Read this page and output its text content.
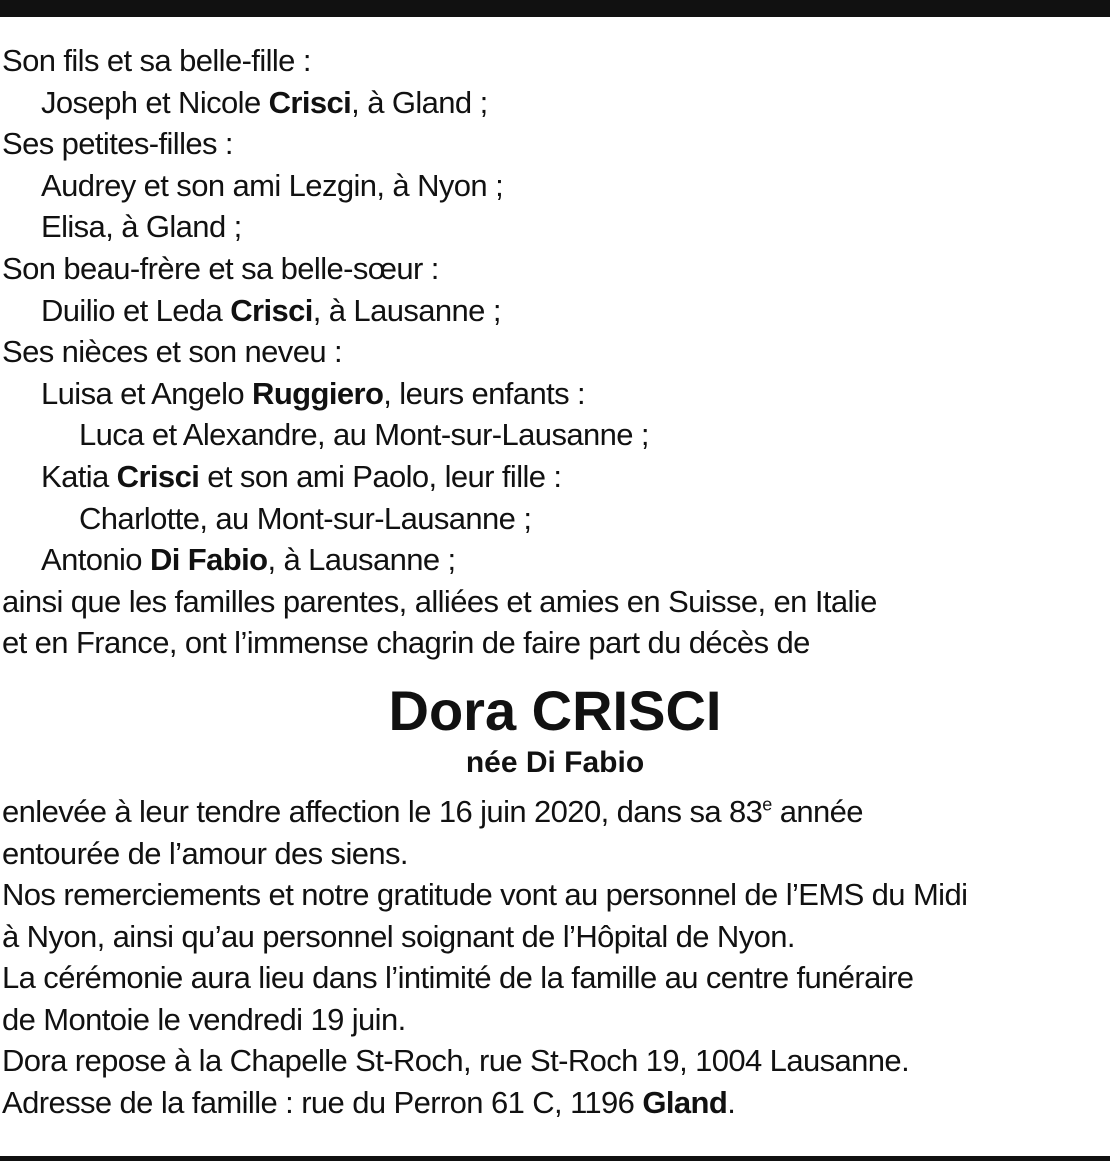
Son fils et sa belle-fille :
Joseph et Nicole Crisci, à Gland ;
Ses petites-filles :
Audrey et son ami Lezgin, à Nyon ;
Elisa, à Gland ;
Son beau-frère et sa belle-sœur :
Duilio et Leda Crisci, à Lausanne ;
Ses nièces et son neveu :
Luisa et Angelo Ruggiero, leurs enfants :
Luca et Alexandre, au Mont-sur-Lausanne ;
Katia Crisci et son ami Paolo, leur fille :
Charlotte, au Mont-sur-Lausanne ;
Antonio Di Fabio, à Lausanne ;
ainsi que les familles parentes, alliées et amies en Suisse, en Italie
et en France, ont l’immense chagrin de faire part du décès de
Dora CRISCI
née Di Fabio
enlevée à leur tendre affection le 16 juin 2020, dans sa 83e année
entourée de l’amour des siens.
Nos remerciements et notre gratitude vont au personnel de l’EMS du Midi
à Nyon, ainsi qu’au personnel soignant de l’Hôpital de Nyon.
La cérémonie aura lieu dans l’intimité de la famille au centre funéraire
de Montoie le vendredi 19 juin.
Dora repose à la Chapelle St-Roch, rue St-Roch 19, 1004 Lausanne.
Adresse de la famille : rue du Perron 61 C, 1196 Gland.
